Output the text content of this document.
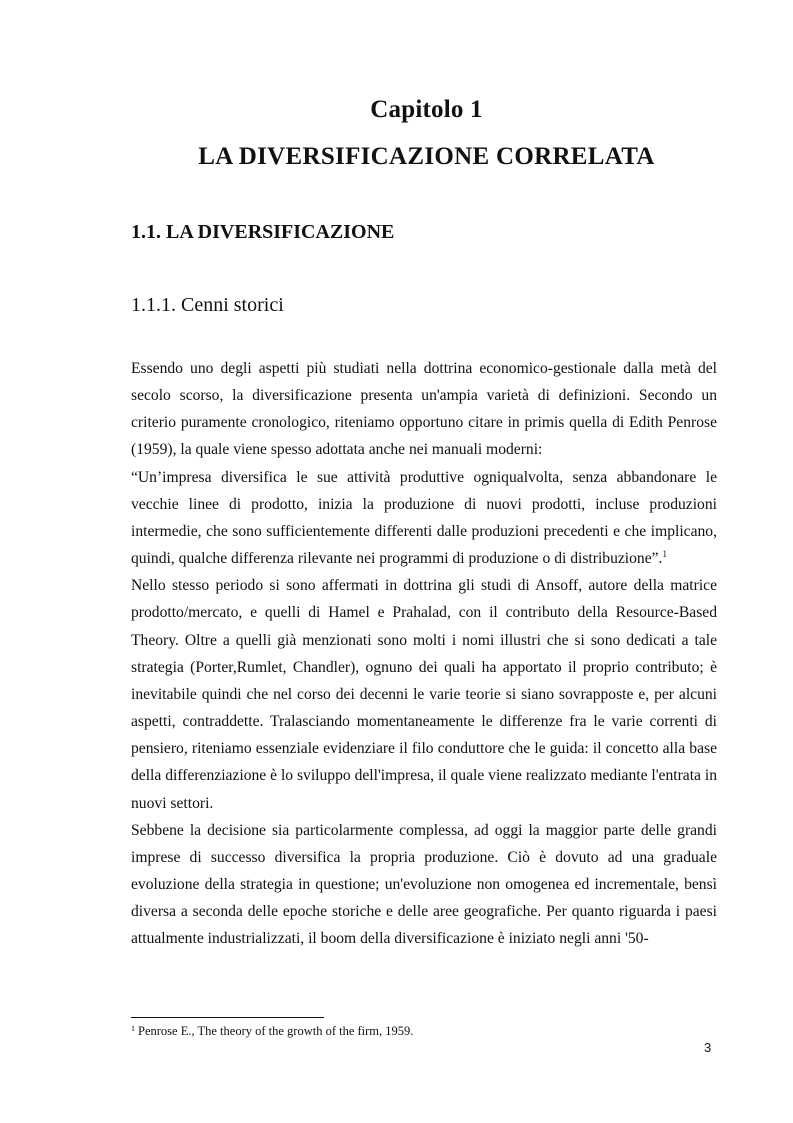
Capitolo 1
LA DIVERSIFICAZIONE CORRELATA
1.1. LA DIVERSIFICAZIONE
1.1.1. Cenni storici

Essendo uno degli aspetti più studiati nella dottrina economico-gestionale dalla metà del secolo scorso, la diversificazione presenta un'ampia varietà di definizioni. Secondo un criterio puramente cronologico, riteniamo opportuno citare in primis quella di Edith Penrose (1959), la quale viene spesso adottata anche nei manuali moderni:

“Un’impresa diversifica le sue attività produttive ogniqualvolta, senza abbandonare le vecchie linee di prodotto, inizia la produzione di nuovi prodotti, incluse produzioni intermedie, che sono sufficientemente differenti dalle produzioni precedenti e che implicano, quindi, qualche differenza rilevante nei programmi di produzione o di distribuzione”.$^1$

Nello stesso periodo si sono affermati in dottrina gli studi di Ansoff, autore della matrice prodotto/mercato, e quelli di Hamel e Prahalad, con il contributo della Resource-Based Theory. Oltre a quelli già menzionati sono molti i nomi illustri che si sono dedicati a tale strategia (Porter,Rumlet, Chandler), ognuno dei quali ha apportato il proprio contributo; è inevitabile quindi che nel corso dei decenni le varie teorie si siano sovrapposte e, per alcuni aspetti, contraddette. Tralasciando momentaneamente le differenze fra le varie correnti di pensiero, riteniamo essenziale evidenziare il filo conduttore che le guida: il concetto alla base della differenziazione è lo sviluppo dell'impresa, il quale viene realizzato mediante l'entrata in nuovi settori.

Sebbene la decisione sia particolarmente complessa, ad oggi la maggior parte delle grandi imprese di successo diversifica la propria produzione. Ciò è dovuto ad una graduale evoluzione della strategia in questione; un'evoluzione non omogenea ed incrementale, bensì diversa a seconda delle epoche storiche e delle aree geografiche. Per quanto riguarda i paesi attualmente industrializzati, il boom della diversificazione è iniziato negli anni '50-

$^1$ Penrose E., The theory of the growth of the firm, 1959.
3
